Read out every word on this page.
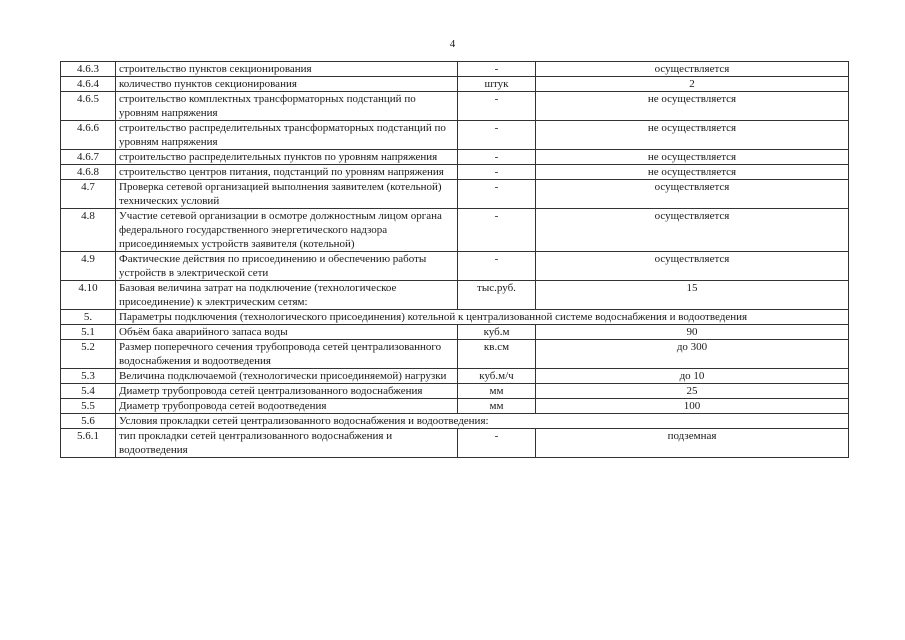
4
4.6.3	строительство пунктов секционирования	-	осуществляется
4.6.4	количество пунктов секционирования	штук	2
4.6.5	строительство комплектных трансформаторных подстанций по уровням напряжения	-	не осуществляется
4.6.6	строительство распределительных трансформаторных подстанций по уровням напряжения	-	не осуществляется
4.6.7	строительство распределительных пунктов по уровням напряжения	-	не осуществляется
4.6.8	строительство центров питания, подстанций по уровням напряжения	-	не осуществляется
4.7	Проверка сетевой организацией выполнения заявителем (котельной) технических условий	-	осуществляется
4.8	Участие сетевой организации в осмотре должностным лицом органа федерального государственного энергетического надзора присоединяемых устройств заявителя (котельной)	-	осуществляется
4.9	Фактические действия по присоединению и обеспечению работы устройств в электрической сети	-	осуществляется
4.10	Базовая величина затрат на подключение (технологическое присоединение) к электрическим сетям:	тыс.руб.	15
5.	Параметры подключения (технологического присоединения) котельной к централизованной системе водоснабжения и водоотведения		
5.1	Объём бака аварийного запаса воды	куб.м	90
5.2	Размер поперечного сечения трубопровода сетей централизованного водоснабжения и водоотведения	кв.см	до 300
5.3	Величина подключаемой (технологически присоединяемой) нагрузки	куб.м/ч	до 10
5.4	Диаметр трубопровода сетей централизованного водоснабжения	мм	25
5.5	Диаметр трубопровода сетей водоотведения	мм	100
5.6	Условия прокладки сетей централизованного водоснабжения и водоотведения:		
5.6.1	тип прокладки сетей централизованного водоснабжения и водоотведения	-	подземная
